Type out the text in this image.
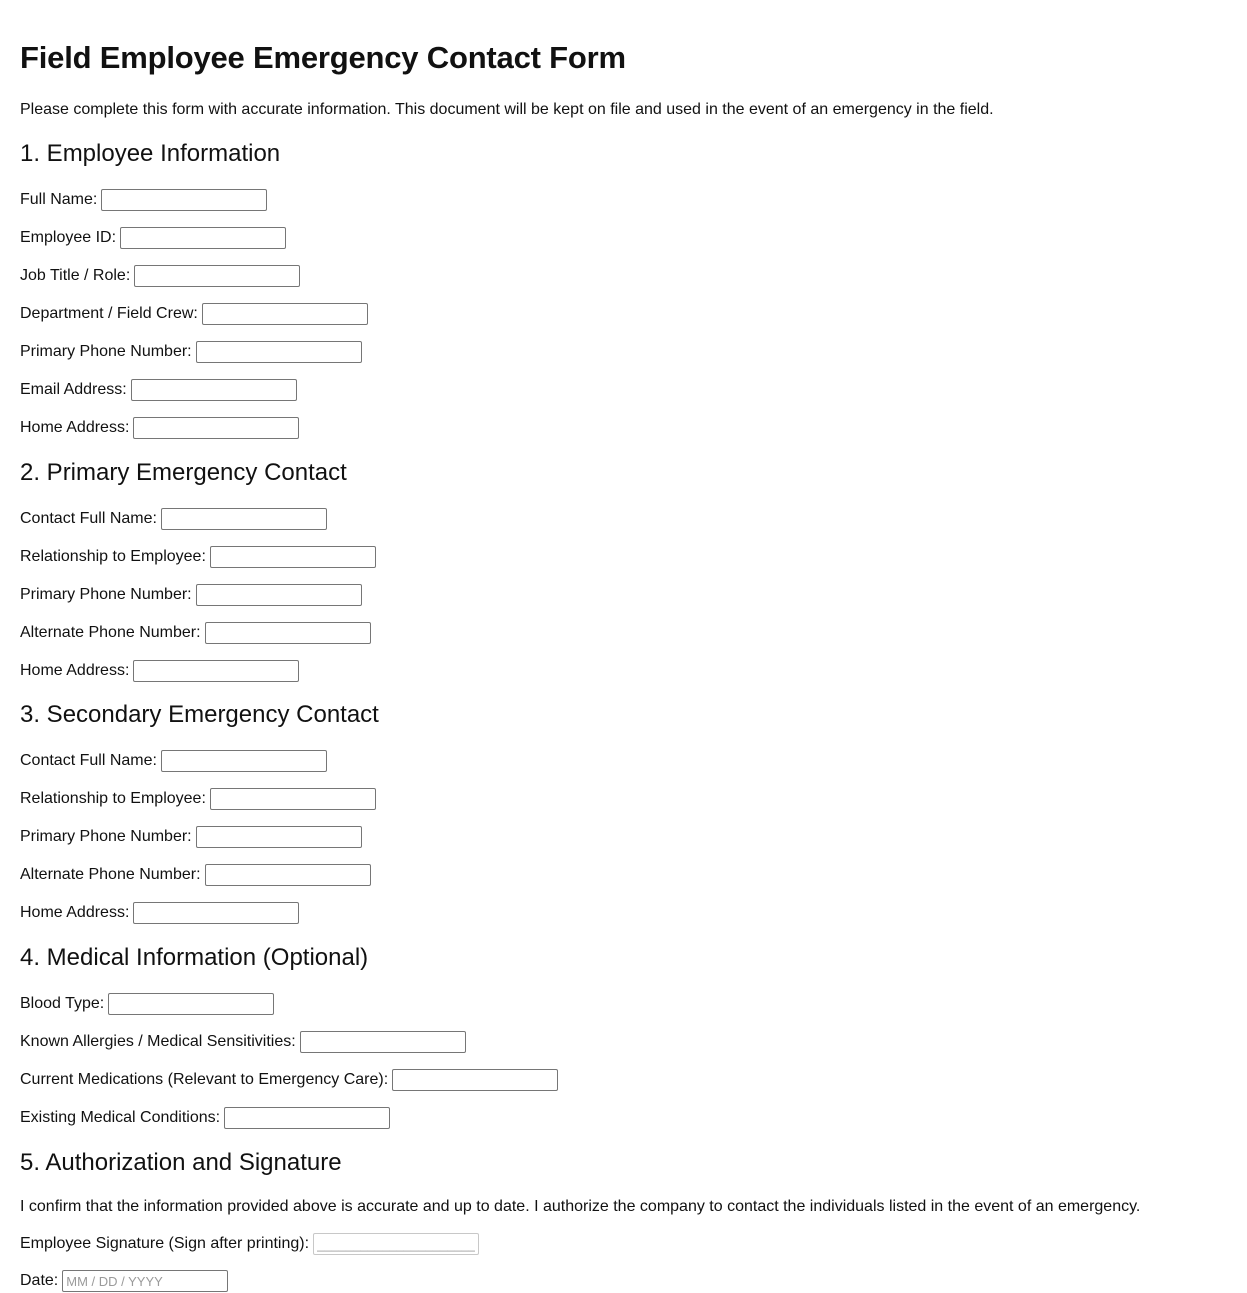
Field Employee Emergency Contact Form

Please complete this form with accurate information. This document will be kept on file and used in the event of an emergency in the field.

1. Employee Information
Full Name:
Employee ID:
Job Title / Role:
Department / Field Crew:
Primary Phone Number:
Email Address:
Home Address:
2. Primary Emergency Contact
Contact Full Name:
Relationship to Employee:
Primary Phone Number:
Alternate Phone Number:
Home Address:
3. Secondary Emergency Contact
Contact Full Name:
Relationship to Employee:
Primary Phone Number:
Alternate Phone Number:
Home Address:
4. Medical Information (Optional)
Blood Type:
Known Allergies / Medical Sensitivities:
Current Medications (Relevant to Emergency Care):
Existing Medical Conditions:
5. Authorization and Signature

I confirm that the information provided above is accurate and up to date. I authorize the company to contact the individuals listed in the event of an emergency.

Employee Signature (Sign after printing):
______________________
Date:
MM / DD / YYYY
